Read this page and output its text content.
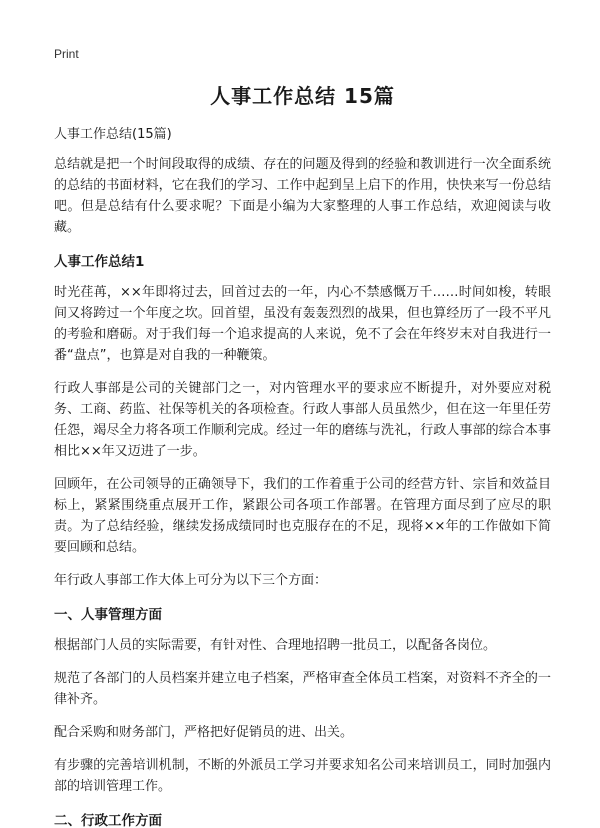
Print
人事工作总结 15篇
人事工作总结(15篇)

总结就是把一个时间段取得的成绩、存在的问题及得到的经验和教训进行一次全面系统的总结的书面材料，它在我们的学习、工作中起到呈上启下的作用，快快来写一份总结吧。但是总结有什么要求呢？下面是小编为大家整理的人事工作总结，欢迎阅读与收藏。

人事工作总结1

时光荏苒，××年即将过去，回首过去的一年，内心不禁感慨万千……时间如梭，转眼间又将跨过一个年度之坎。回首望，虽没有轰轰烈烈的战果，但也算经历了一段不平凡的考验和磨砺。对于我们每一个追求提高的人来说，免不了会在年终岁末对自我进行一番“盘点”，也算是对自我的一种鞭策。

行政人事部是公司的关键部门之一，对内管理水平的要求应不断提升，对外要应对税务、工商、药监、社保等机关的各项检查。行政人事部人员虽然少，但在这一年里任劳任怨，竭尽全力将各项工作顺利完成。经过一年的磨练与洗礼，行政人事部的综合本事相比××年又迈进了一步。

回顾年，在公司领导的正确领导下，我们的工作着重于公司的经营方针、宗旨和效益目标上，紧紧围绕重点展开工作，紧跟公司各项工作部署。在管理方面尽到了应尽的职责。为了总结经验，继续发扬成绩同时也克服存在的不足，现将××年的工作做如下简要回顾和总结。

年行政人事部工作大体上可分为以下三个方面：

一、人事管理方面

根据部门人员的实际需要，有针对性、合理地招聘一批员工，以配备各岗位。

规范了各部门的人员档案并建立电子档案，严格审查全体员工档案，对资料不齐全的一律补齐。

配合采购和财务部门，严格把好促销员的进、出关。

有步骤的完善培训机制，不断的外派员工学习并要求知名公司来培训员工，同时加强内部的培训管理工作。

二、行政工作方面
